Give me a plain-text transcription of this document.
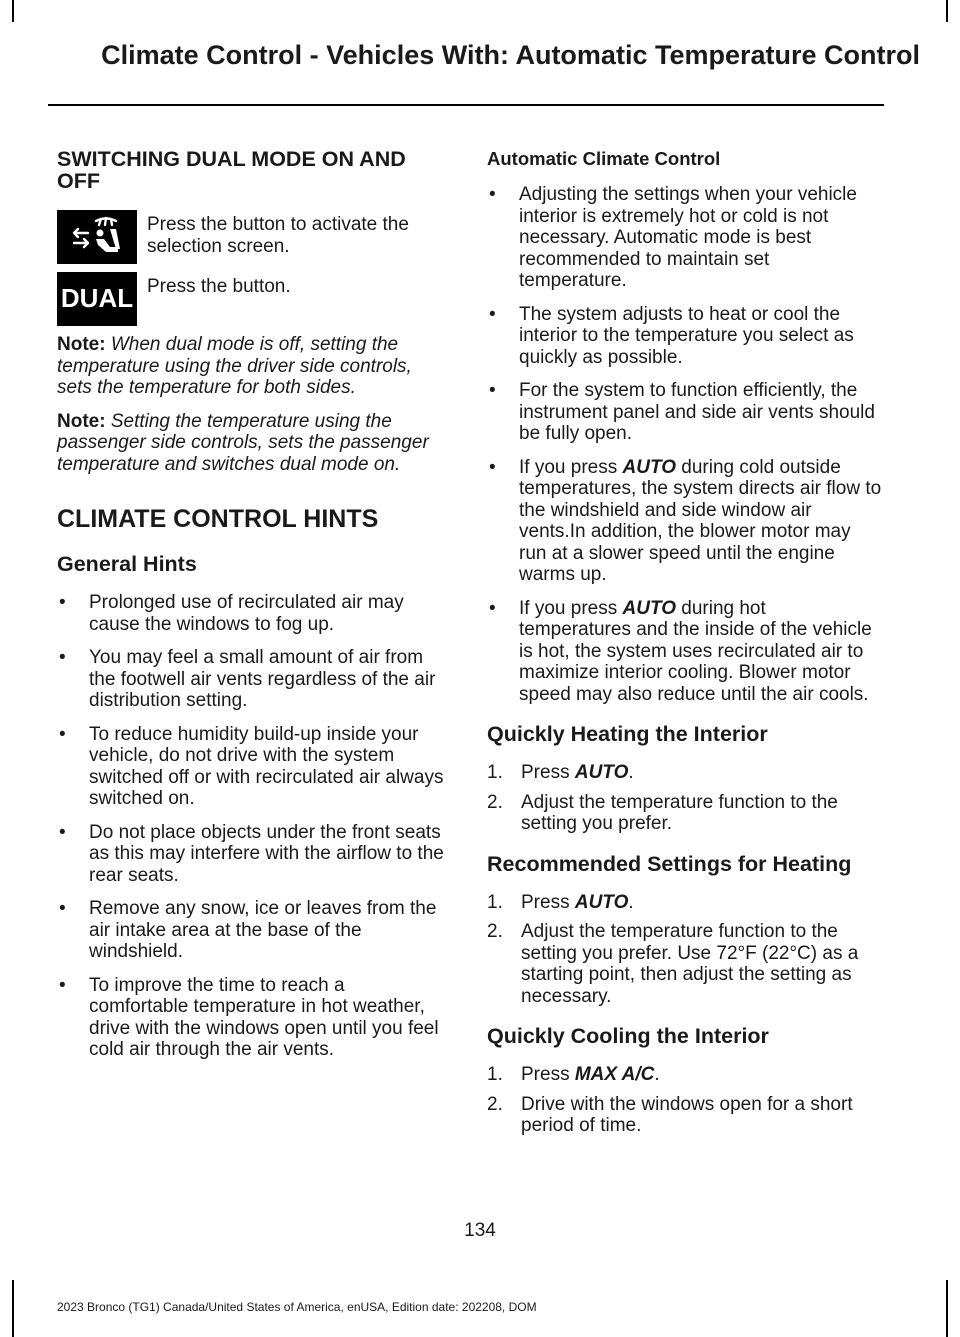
Climate Control - Vehicles With: Automatic Temperature Control
SWITCHING DUAL MODE ON AND OFF
Press the button to activate the selection screen.
DUAL Press the button.
Note: When dual mode is off, setting the temperature using the driver side controls, sets the temperature for both sides.
Note: Setting the temperature using the passenger side controls, sets the passenger temperature and switches dual mode on.
CLIMATE CONTROL HINTS
General Hints
• Prolonged use of recirculated air may cause the windows to fog up.
• You may feel a small amount of air from the footwell air vents regardless of the air distribution setting.
• To reduce humidity build-up inside your vehicle, do not drive with the system switched off or with recirculated air always switched on.
• Do not place objects under the front seats as this may interfere with the airflow to the rear seats.
• Remove any snow, ice or leaves from the air intake area at the base of the windshield.
• To improve the time to reach a comfortable temperature in hot weather, drive with the windows open until you feel cold air through the air vents.
Automatic Climate Control
• Adjusting the settings when your vehicle interior is extremely hot or cold is not necessary. Automatic mode is best recommended to maintain set temperature.
• The system adjusts to heat or cool the interior to the temperature you select as quickly as possible.
• For the system to function efficiently, the instrument panel and side air vents should be fully open.
• If you press AUTO during cold outside temperatures, the system directs air flow to the windshield and side window air vents.In addition, the blower motor may run at a slower speed until the engine warms up.
• If you press AUTO during hot temperatures and the inside of the vehicle is hot, the system uses recirculated air to maximize interior cooling. Blower motor speed may also reduce until the air cools.
Quickly Heating the Interior
1. Press AUTO.
2. Adjust the temperature function to the setting you prefer.
Recommended Settings for Heating
1. Press AUTO.
2. Adjust the temperature function to the setting you prefer. Use 72°F (22°C) as a starting point, then adjust the setting as necessary.
Quickly Cooling the Interior
1. Press MAX A/C.
2. Drive with the windows open for a short period of time.
134
2023 Bronco (TG1) Canada/United States of America, enUSA, Edition date: 202208, DOM
